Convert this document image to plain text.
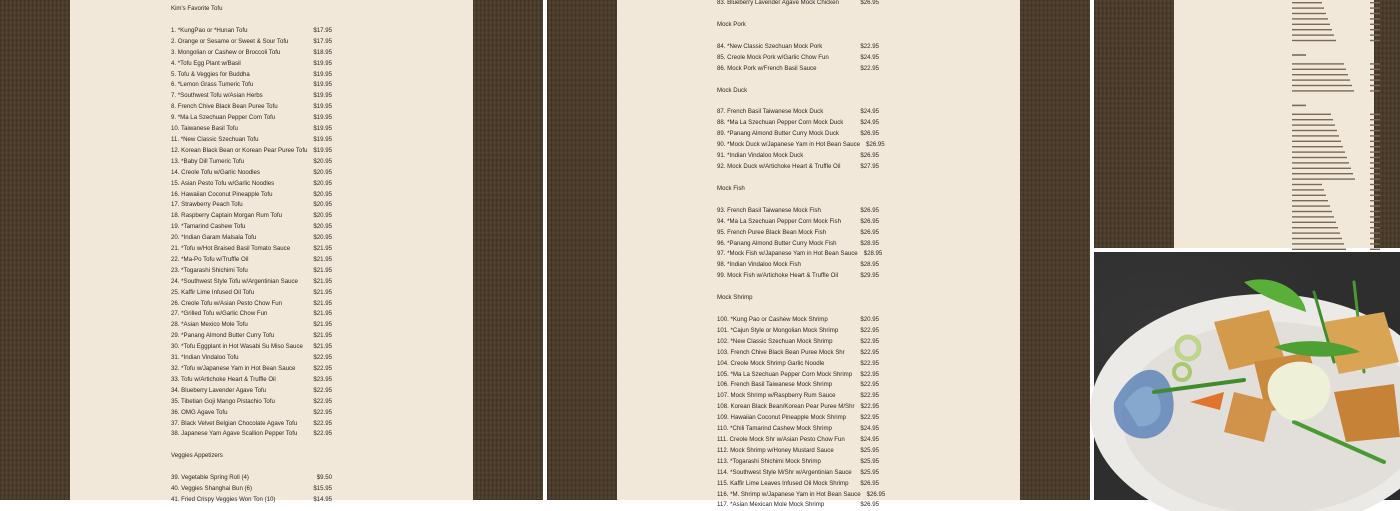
Kim's Favorite Tofu
1. *KungPao or *Hunan Tofu	$17.95
2. Orange or Sesame or Sweet & Sour Tofu	$17.95
3. Mongolian or Cashew or Broccoli Tofu	$18.95
4. *Tofu Egg Plant w/Basil	$19.95
5. Tofu & Veggies for Buddha	$19.95
6. *Lemon Grass Tumeric Tofu	$19.95
7. *Southwest Tofu w/Asian Herbs	$19.95
8. French Chive Black Bean Puree Tofu	$19.95
9. *Ma La Szechuan Pepper Corn Tofu	$19.95
10. Taiwanese Basil Tofu	$19.95
11. *New Classic Szechuan Tofu	$19.95
12. Korean Black Bean or Korean Pear Puree Tofu $19.95
13. *Baby Dill Tumeric Tofu	$20.95
14. Creole Tofu w/Garlic Noodles	$20.95
15. Asian Pesto Tofu w/Garlic Noodles	$20.95
16. Hawaiian Coconut Pineapple Tofu	$20.95
17. Strawberry Peach Tofu	$20.95
18. Raspberry Captain Morgan Rum Tofu	$20.95
19. *Tamarind Cashew Tofu	$20.95
20. *Indian Garam Malsala Tofu	$20.95
21. *Tofu w/Hot Braised Basil Tomato Sauce	$21.95
22. *Ma-Po Tofu w/Truffle Oil	$21.95
23. *Togarashi Shichimi Tofu	$21.95
24. *Southwest Style Tofu w/Argentinian Sauce	$21.95
25. Kaffir Lime Infused Oil Tofu	$21.95
26. Creole Tofu w/Asian Pesto Chow Fun	$21.95
27. *Grilled Tofu w/Garlic Chow Fun	$21.95
28. *Asian Mexico Mole Tofu	$21.95
29. *Panang Almond Butter Curry Tofu	$21.95
30. *Tofu Eggplant in Hot Wasabi Su Miso Sauce $21.95
31. *Indian Vindaloo Tofu	$22.95
32. *Tofu w/Japanese Yam in Hot Bean Sauce	$22.95
33. Tofu w/Artichoke Heart & Truffle Oil	$23.95
34. Blueberry Lavender Agave Tofu	$22.95
35. Tibetian Goji Mango Pistachio Tofu	$22.95
36. OMG Agave Tofu	$22.95
37. Black Velvet Belgian Chocolate Agave Tofu	$22.95
38. Japanese Yam Agave Scallion Pepper Tofu	$22.95
Veggies Appetizers
39. Vegetable Spring Roll (4)	$9.50
40. Veggies Shanghai Bun (6)	$15.95
41. Fried Crispy Veggies Won Ton (10)	$14.95
83. Blueberry Lavender Agave Mock Chicken	$26.95
Mock Pork
84. *New Classic Szechuan Mock Pork	$22.95
85. Creole Mock Pork w/Garlic Chow Fun	$24.95
86. Mock Pork w/French Basil Sauce	$22.95
Mock Duck
87. French Basil Taiwanese Mock Duck	$24.95
88. *Ma La Szechuan Pepper Corn Mock Duck	$24.95
89. *Panang Almond Butter Curry Mock Duck	$26.95
90. *Mock Duck w/Japanese Yam in Hot Bean Sauce $26.95
91. *Indian Vindaloo Mock Duck	$26.95
92. Mock Duck w/Artichoke Heart & Truffle Oil	$27.95
Mock Fish
93. French Basil Taiwanese Mock Fish	$26.95
94. *Ma La Szechuan Pepper Corn Mock Fish	$26.95
95. French Puree Black Bean Mock Fish	$26.95
96. *Panang Almond Butter Curry Mock Fish	$28.95
97. *Mock Fish w/Japanese Yam in Hot Bean Sauce $28.95
98. *Indian Vindaloo Mock Fish	$28.95
99. Mock Fish w/Artichoke Heart & Truffle Oil	$29.95
Mock Shrimp
100. *Kung Pao or Cashew Mock Shrimp	$20.95
101. *Cajun Style or Mongolian Mock Shrimp	$22.95
102. *New Classic Szechuan Mock Shrimp	$22.95
103. French Chive Black Bean Puree Mock Shr	$22.95
104. Creole Mock Shrimp Garlic Noodle	$22.95
105. *Ma La Szechuan Pepper Corn Mock Shrimp $22.95
106. French Basil Taiwanese Mock Shrimp	$22.95
107. Mock Shrimp w/Raspberry Rum Sauce	$22.95
108. Korean Black Bean/Korean Pear Puree M/Shr $22.95
109. Hawaiian Coconut Pineapple Mock Shrimp $22.95
110. *Chili Tamarind Cashew Mock Shrimp	$24.95
111. Creole Mock Shr w/Asian Pesto Chow Fun	$24.95
112. Mock Shrimp w/Honey Mustard Sauce	$25.95
113. *Togarashi Shichimi Mock Shrimp	$25.95
114. *Southwest Style M/Shr w/Argentinian Sauce $25.95
115. Kaffir Lime Leaves Infused Oil Mock Shrimp $26.95
116. *M. Shrimp w/Japanese Yam in Hot Bean Sauce $26.95
117. *Asian Mexican Mole Mock Shrimp	$26.95
